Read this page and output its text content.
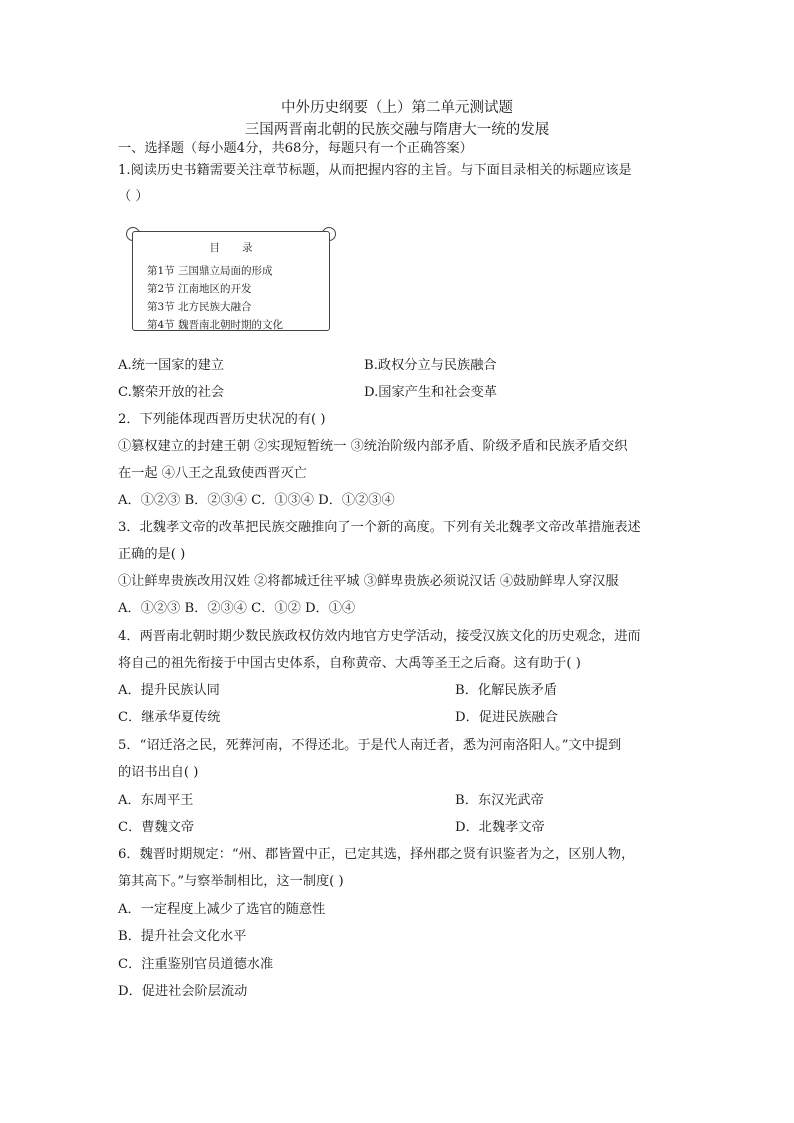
中外历史纲要（上）第二单元测试题
三国两晋南北朝的民族交融与隋唐大一统的发展
一、选择题（每小题4分，共68分，每题只有一个正确答案）
1.阅读历史书籍需要关注章节标题，从而把握内容的主旨。与下面目录相关的标题应该是
（ ）
目录
第1节 三国鼎立局面的形成
第2节 江南地区的开发
第3节 北方民族大融合
第4节 魏晋南北朝时期的文化
A.统一国家的建立	B.政权分立与民族融合
C.繁荣开放的社会	D.国家产生和社会变革
2．下列能体现西晋历史状况的有( )
①篡权建立的封建王朝 ②实现短暂统一 ③统治阶级内部矛盾、阶级矛盾和民族矛盾交织
在一起 ④八王之乱致使西晋灭亡
A．①②③ B．②③④ C．①③④ D．①②③④
3．北魏孝文帝的改革把民族交融推向了一个新的高度。下列有关北魏孝文帝改革措施表述
正确的是( )
①让鲜卑贵族改用汉姓 ②将都城迁往平城 ③鲜卑贵族必须说汉话 ④鼓励鲜卑人穿汉服
A．①②③ B．②③④ C．①② D．①④
4．两晋南北朝时期少数民族政权仿效内地官方史学活动，接受汉族文化的历史观念，进而
将自己的祖先衔接于中国古史体系，自称黄帝、大禹等圣王之后裔。这有助于( )
A．提升民族认同	B．化解民族矛盾
C．继承华夏传统	D．促进民族融合
5．“诏迁洛之民，死葬河南，不得还北。于是代人南迁者，悉为河南洛阳人。”文中提到
的诏书出自( )
A．东周平王	B．东汉光武帝
C．曹魏文帝	D．北魏孝文帝
6．魏晋时期规定：“州、郡皆置中正，已定其选，择州郡之贤有识鉴者为之，区别人物，
第其高下。”与察举制相比，这一制度( )
A．一定程度上减少了选官的随意性
B．提升社会文化水平
C．注重鉴别官员道德水准
D．促进社会阶层流动
